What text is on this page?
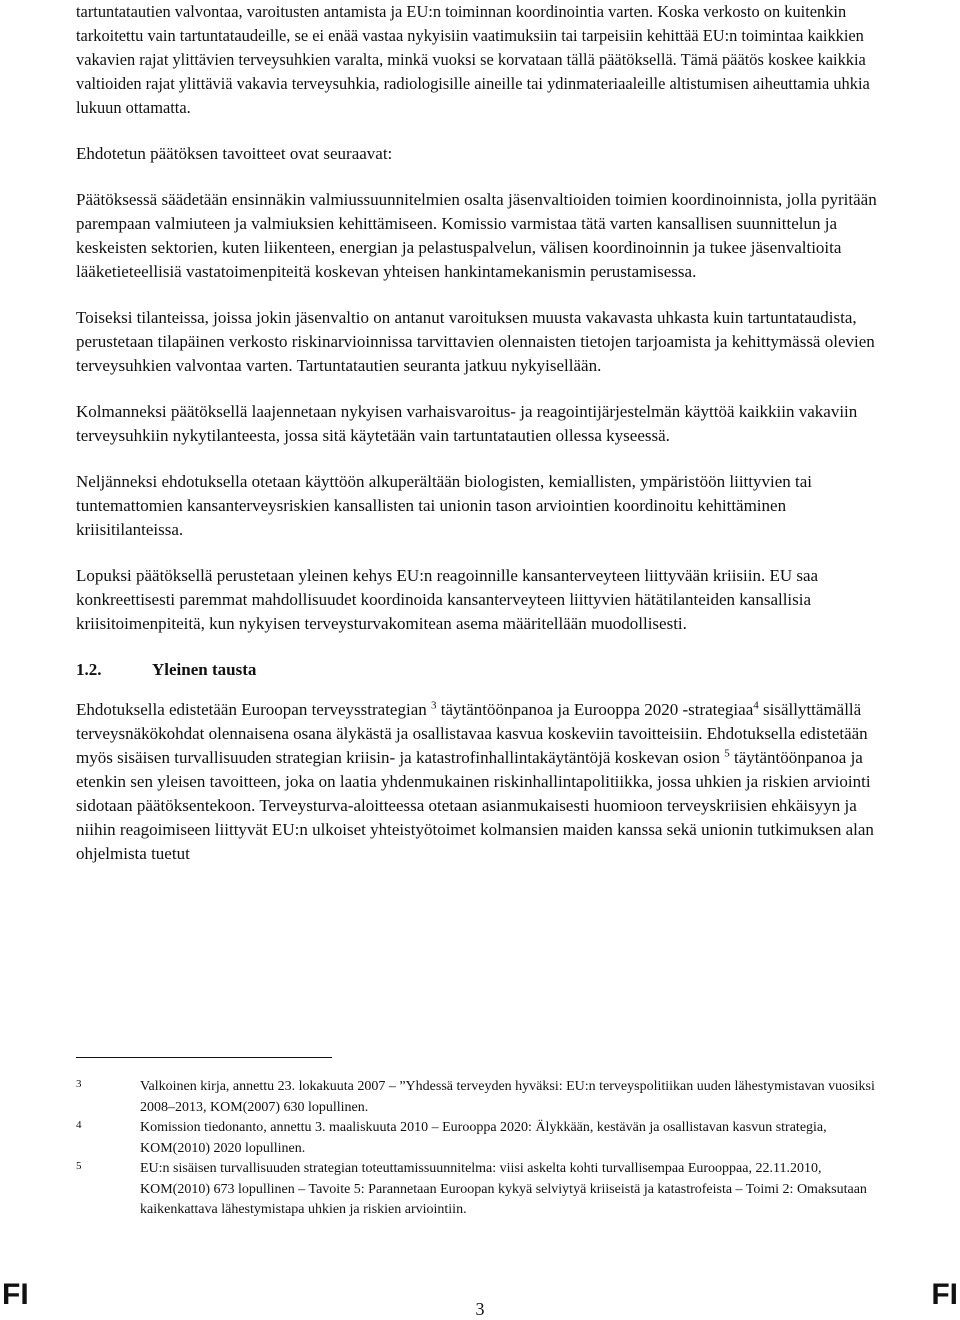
tartuntatautien valvontaa, varoitusten antamista ja EU:n toiminnan koordinointia varten. Koska verkosto on kuitenkin tarkoitettu vain tartuntataudeille, se ei enää vastaa nykyisiin vaatimuksiin tai tarpeisiin kehittää EU:n toimintaa kaikkien vakavien rajat ylittävien terveysuhkien varalta, minkä vuoksi se korvataan tällä päätöksellä. Tämä päätös koskee kaikkia valtioiden rajat ylittäviä vakavia terveysuhkia, radiologisille aineille tai ydinmateriaaleille altistumisen aiheuttamia uhkia lukuun ottamatta.

Ehdotetun päätöksen tavoitteet ovat seuraavat:

Päätöksessä säädetään ensinnäkin valmiussuunnitelmien osalta jäsenvaltioiden toimien koordinoinnista, jolla pyritään parempaan valmiuteen ja valmiuksien kehittämiseen. Komissio varmistaa tätä varten kansallisen suunnittelun ja keskeisten sektorien, kuten liikenteen, energian ja pelastuspalvelun, välisen koordinoinnin ja tukee jäsenvaltioita lääketieteellisiä vastatoimenpiteitä koskevan yhteisen hankintamekanismin perustamisessa.

Toiseksi tilanteissa, joissa jokin jäsenvaltio on antanut varoituksen muusta vakavasta uhkasta kuin tartuntataudista, perustetaan tilapäinen verkosto riskinarvioinnissa tarvittavien olennaisten tietojen tarjoamista ja kehittymässä olevien terveysuhkien valvontaa varten. Tartuntatautien seuranta jatkuu nykyisellään.

Kolmanneksi päätöksellä laajennetaan nykyisen varhaisvaroitus- ja reagointijärjestelmän käyttöä kaikkiin vakaviin terveysuhkiin nykytilanteesta, jossa sitä käytetään vain tartuntatautien ollessa kyseessä.

Neljänneksi ehdotuksella otetaan käyttöön alkuperältään biologisten, kemiallisten, ympäristöön liittyvien tai tuntemattomien kansanterveysriskien kansallisten tai unionin tason arviointien koordinoitu kehittäminen kriisitilanteissa.

Lopuksi päätöksellä perustetaan yleinen kehys EU:n reagoinnille kansanterveyteen liittyvään kriisiin. EU saa konkreettisesti paremmat mahdollisuudet koordinoida kansanterveyteen liittyvien hätätilanteiden kansallisia kriisitoimenpiteitä, kun nykyisen terveysturvakomitean asema määritellään muodollisesti.

1.2.	Yleinen tausta

Ehdotuksella edistetään Euroopan terveysstrategian $^3$ täytäntöönpanoa ja Eurooppa 2020 -strategiaa$^4$ sisällyttämällä terveysnäkökohdat olennaisena osana älykästä ja osallistavaa kasvua koskeviin tavoitteisiin. Ehdotuksella edistetään myös sisäisen turvallisuuden strategian kriisin- ja katastrofinhallintakäytäntöjä koskevan osion $^5$ täytäntöönpanoa ja etenkin sen yleisen tavoitteen, joka on laatia yhdenmukainen riskinhallintapolitiikka, jossa uhkien ja riskien arviointi sidotaan päätöksentekoon. Terveysturva-aloitteessa otetaan asianmukaisesti huomioon terveyskriisien ehkäisyyn ja niihin reagoimiseen liittyvät EU:n ulkoiset yhteistyötoimet kolmansien maiden kanssa sekä unionin tutkimuksen alan ohjelmista tuetut

3	Valkoinen kirja, annettu 23. lokakuuta 2007 – ”Yhdessä terveyden hyväksi: EU:n terveyspolitiikan uuden lähestymistavan vuosiksi 2008–2013, KOM(2007) 630 lopullinen.
4	Komission tiedonanto, annettu 3. maaliskuuta 2010 – Eurooppa 2020: Älykkään, kestävän ja osallistavan kasvun strategia, KOM(2010) 2020 lopullinen.
5	EU:n sisäisen turvallisuuden strategian toteuttamissuunnitelma: viisi askelta kohti turvallisempaa Eurooppaa, 22.11.2010, KOM(2010) 673 lopullinen – Tavoite 5: Parannetaan Euroopan kykyä selviytyä kriiseistä ja katastrofeista – Toimi 2: Omaksutaan kaikenkattava lähestymistapa uhkien ja riskien arviointiin.
FI	3	FI
